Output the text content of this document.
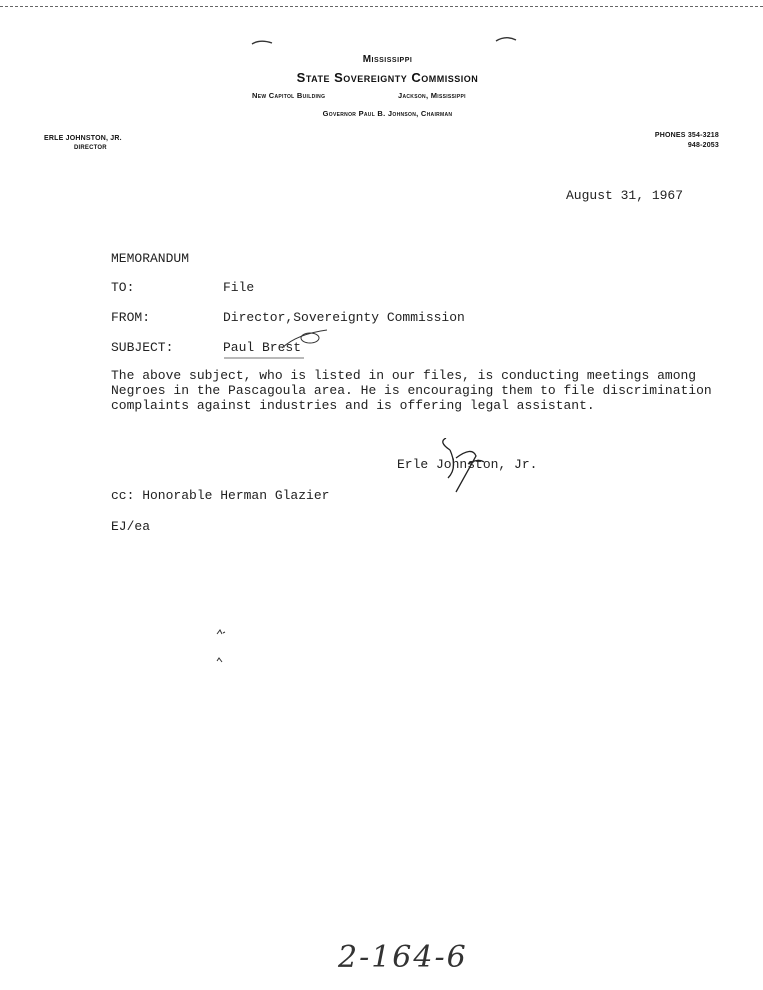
Mississippi
State Sovereignty Commission
New Capitol Building	Jackson, Mississippi
Governor Paul B. Johnson, Chairman
ERLE JOHNSTON, JR.
DIRECTOR
PHONES 354-3218
948-2053
August 31, 1967
MEMORANDUM
TO:	File
FROM:	Director,Sovereignty Commission
SUBJECT:	Paul Brest
The above subject, who is listed in our files, is conducting meetings among
Negroes in the Pascagoula area. He is encouraging them to file discrimination
complaints against industries and is offering legal assistant.
Erle Johnston, Jr.
cc: Honorable Herman Glazier
EJ/ea
2-164-6
